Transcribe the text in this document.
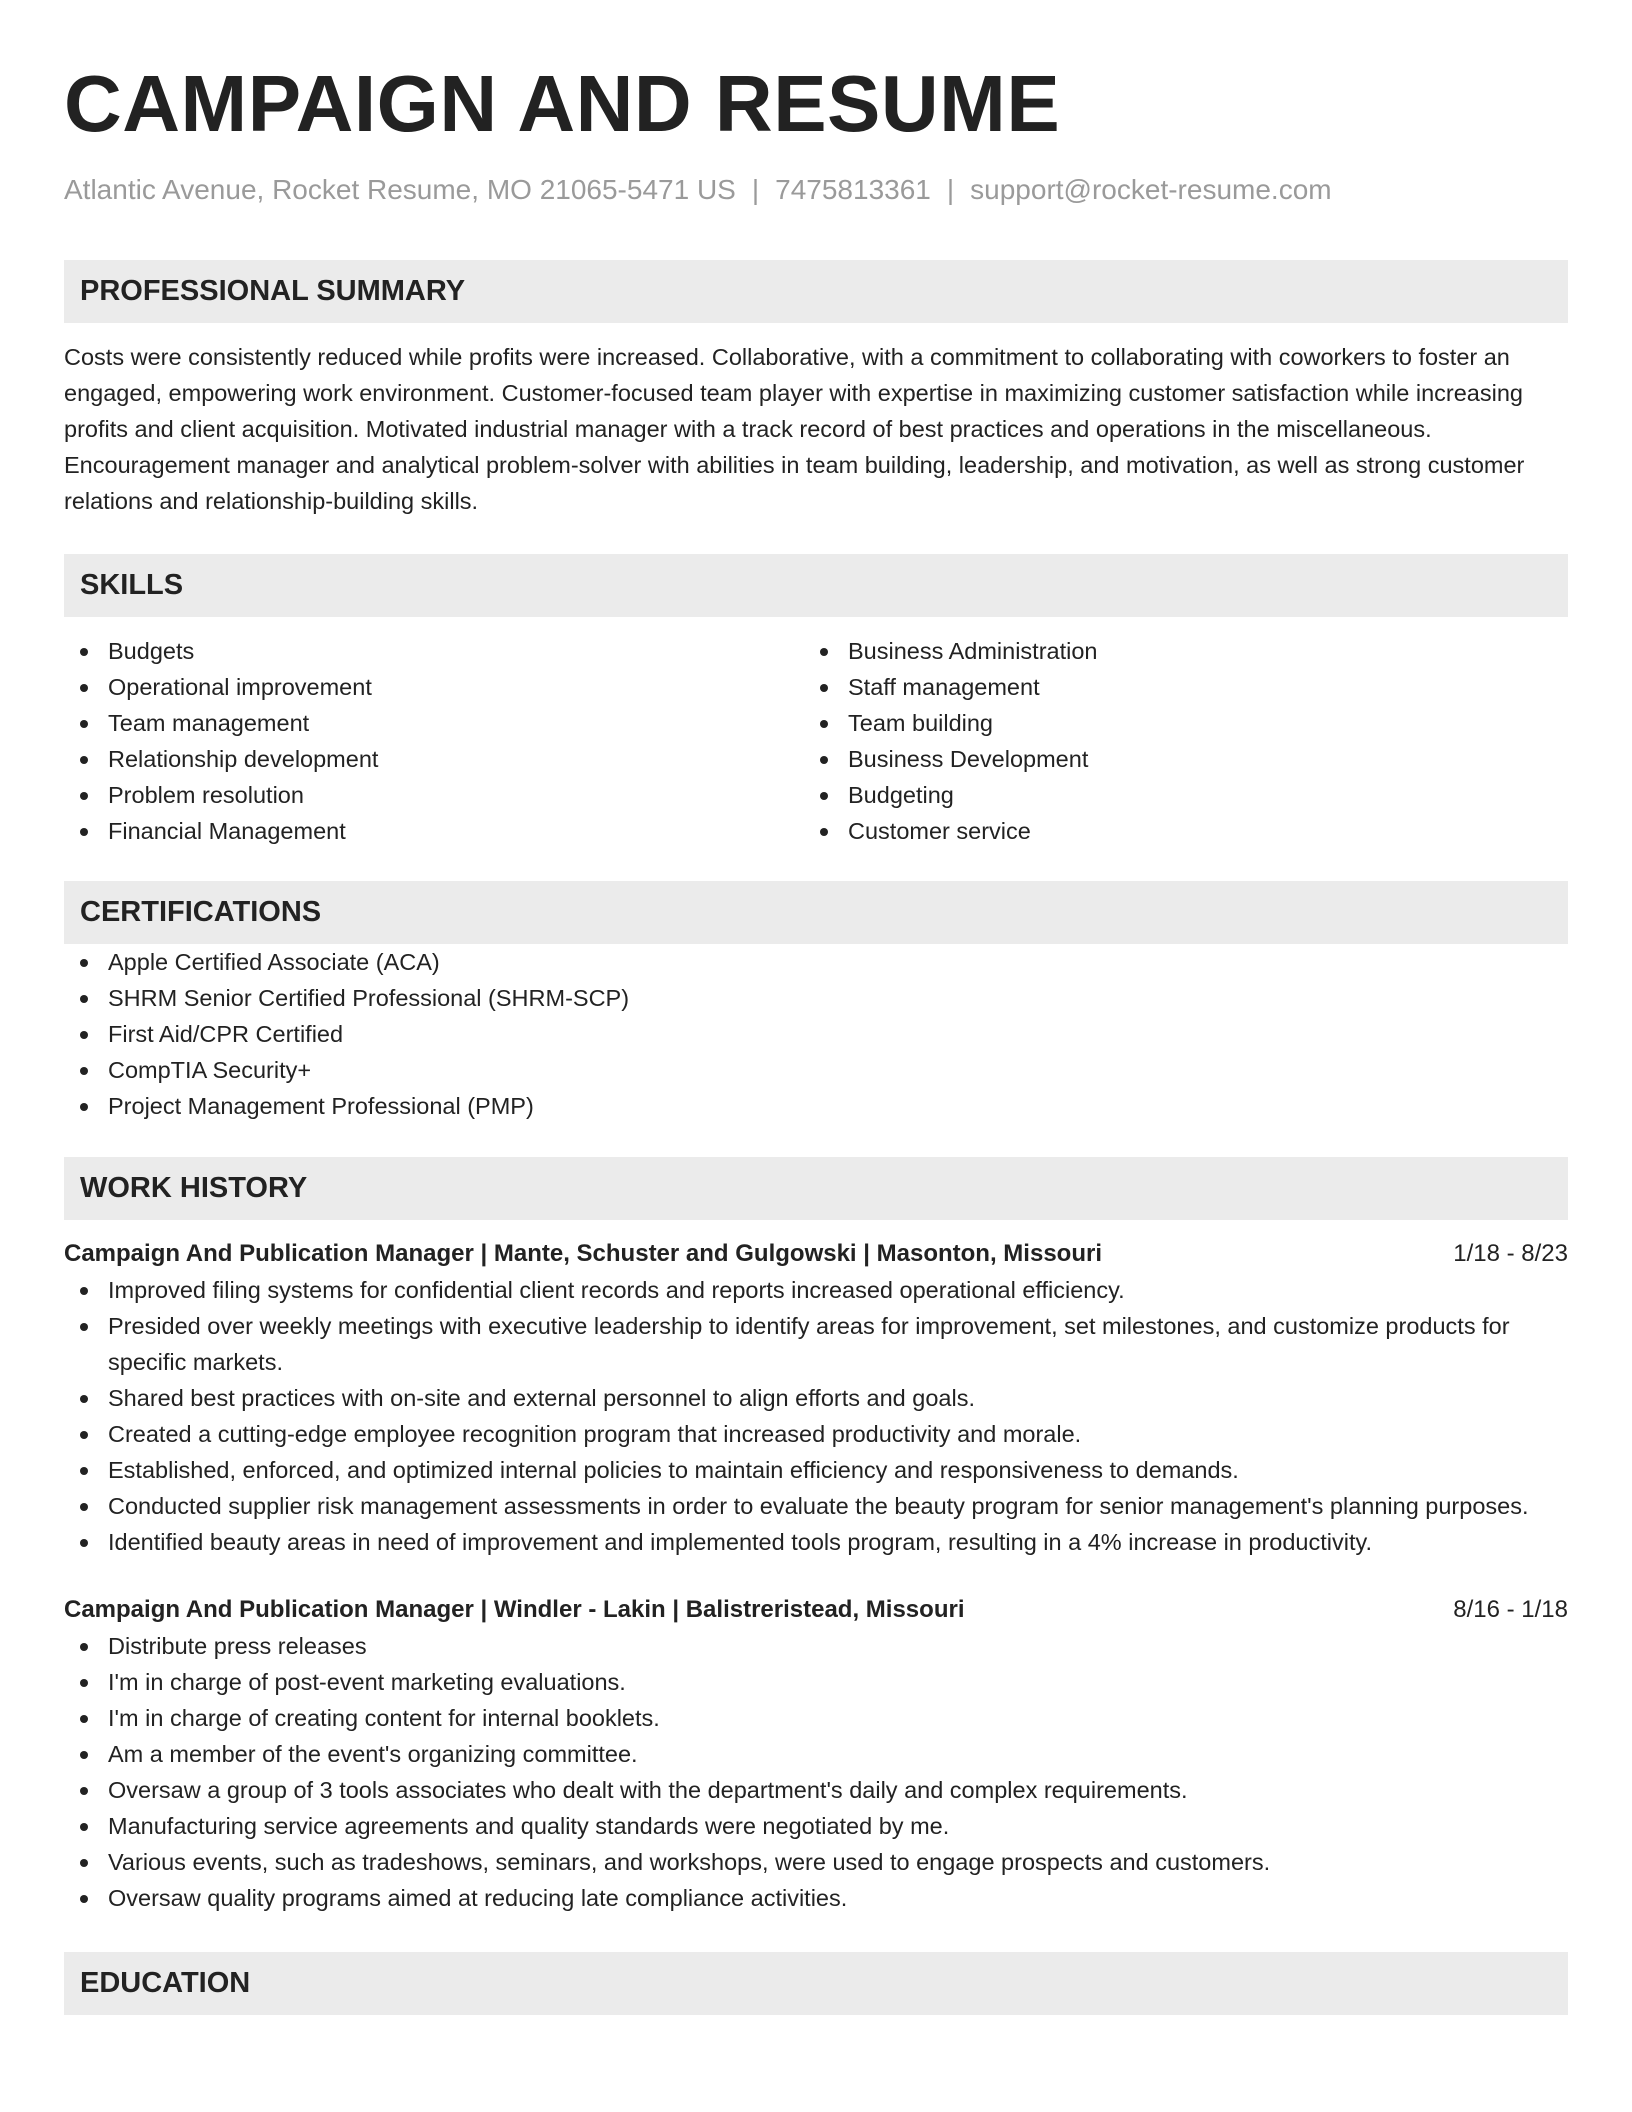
CAMPAIGN AND RESUME
Atlantic Avenue, Rocket Resume, MO 21065-5471 US | 7475813361 | support@rocket-resume.com
PROFESSIONAL SUMMARY

Costs were consistently reduced while profits were increased. Collaborative, with a commitment to collaborating with coworkers to foster an engaged, empowering work environment. Customer-focused team player with expertise in maximizing customer satisfaction while increasing profits and client acquisition. Motivated industrial manager with a track record of best practices and operations in the miscellaneous. Encouragement manager and analytical problem-solver with abilities in team building, leadership, and motivation, as well as strong customer relations and relationship-building skills.

SKILLS
Budgets
Operational improvement
Team management
Relationship development
Problem resolution
Financial Management
Business Administration
Staff management
Team building
Business Development
Budgeting
Customer service
CERTIFICATIONS
Apple Certified Associate (ACA)
SHRM Senior Certified Professional (SHRM-SCP)
First Aid/CPR Certified
CompTIA Security+
Project Management Professional (PMP)
WORK HISTORY
Campaign And Publication Manager | Mante, Schuster and Gulgowski | Masonton, Missouri	1/18 - 8/23
Improved filing systems for confidential client records and reports increased operational efficiency.
Presided over weekly meetings with executive leadership to identify areas for improvement, set milestones, and customize products for specific markets.
Shared best practices with on-site and external personnel to align efforts and goals.
Created a cutting-edge employee recognition program that increased productivity and morale.
Established, enforced, and optimized internal policies to maintain efficiency and responsiveness to demands.
Conducted supplier risk management assessments in order to evaluate the beauty program for senior management's planning purposes.
Identified beauty areas in need of improvement and implemented tools program, resulting in a 4% increase in productivity.
Campaign And Publication Manager | Windler - Lakin | Balistreristead, Missouri	8/16 - 1/18
Distribute press releases
I'm in charge of post-event marketing evaluations.
I'm in charge of creating content for internal booklets.
Am a member of the event's organizing committee.
Oversaw a group of 3 tools associates who dealt with the department's daily and complex requirements.
Manufacturing service agreements and quality standards were negotiated by me.
Various events, such as tradeshows, seminars, and workshops, were used to engage prospects and customers.
Oversaw quality programs aimed at reducing late compliance activities.
EDUCATION
